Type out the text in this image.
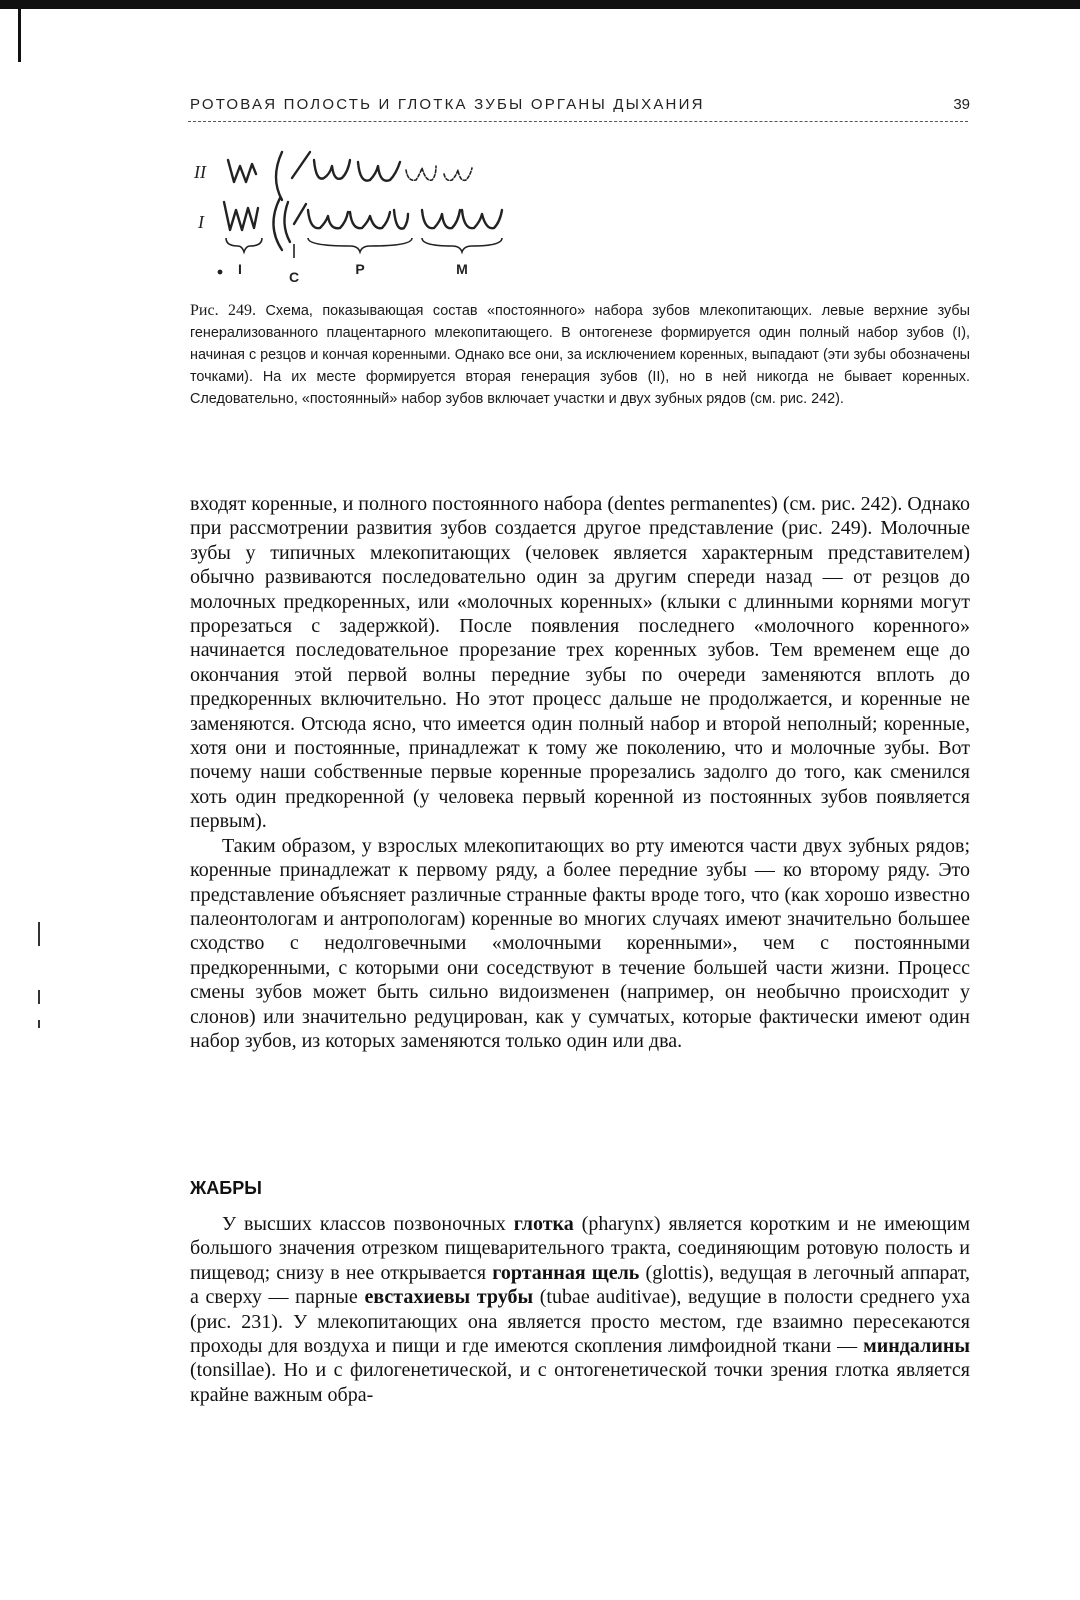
РОТОВАЯ ПОЛОСТЬ И ГЛОТКА ЗУБЫ ОРГАНЫ ДЫХАНИЯ	39
II
I
I	C	P	M
Рис. 249. Схема, показывающая состав «постоянного» набора зубов млекопитающих. левые верхние зубы генерализованного плацентарного млекопитающего. В онтогенезе формируется один полный набор зубов (I), начиная с резцов и кончая коренными. Однако все они, за исключением коренных, выпадают (эти зубы обозначены точками). На их месте формируется вторая генерация зубов (II), но в ней никогда не бывает коренных. Следовательно, «постоянный» набор зубов включает участки и двух зубных рядов (см. рис. 242).

входят коренные, и полного постоянного набора (dentes permanentes) (см. рис. 242). Однако при рассмотрении развития зубов создается другое представление (рис. 249). Молочные зубы у типичных млекопитающих (человек является характерным представителем) обычно развиваются последовательно один за другим спереди назад — от резцов до молочных предкоренных, или «молочных коренных» (клыки с длинными корнями могут прорезаться с задержкой). После появления последнего «молочного коренного» начинается последовательное прорезание трех коренных зубов. Тем временем еще до окончания этой первой волны передние зубы по очереди заменяются вплоть до предкоренных включительно. Но этот процесс дальше не продолжается, и коренные не заменяются. Отсюда ясно, что имеется один полный набор и второй неполный; коренные, хотя они и постоянные, принадлежат к тому же поколению, что и молочные зубы. Вот почему наши собственные первые коренные прорезались задолго до того, как сменился хоть один предкоренной (у человека первый коренной из постоянных зубов появляется первым).

Таким образом, у взрослых млекопитающих во рту имеются части двух зубных рядов; коренные принадлежат к первому ряду, а более передние зубы — ко второму ряду. Это представление объясняет различные странные факты вроде того, что (как хорошо известно палеонтологам и антропологам) коренные во многих случаях имеют значительно большее сходство с недолговечными «молочными коренными», чем с постоянными предкоренными, с которыми они соседствуют в течение большей части жизни. Процесс смены зубов может быть сильно видоизменен (например, он необычно происходит у слонов) или значительно редуцирован, как у сумчатых, которые фактически имеют один набор зубов, из которых заменяются только один или два.

ЖАБРЫ

У высших классов позвоночных глотка (pharynx) является коротким и не имеющим большого значения отрезком пищеварительного тракта, соединяющим ротовую полость и пищевод; снизу в нее открывается гортанная щель (glottis), ведущая в легочный аппарат, а сверху — парные евстахиевы трубы (tubae auditivae), ведущие в полости среднего уха (рис. 231). У млекопитающих она является просто местом, где взаимно пересекаются проходы для воздуха и пищи и где имеются скопления лимфоидной ткани — миндалины (tonsillae). Но и с филогенетической, и с онтогенетической точки зрения глотка является крайне важным обра-
